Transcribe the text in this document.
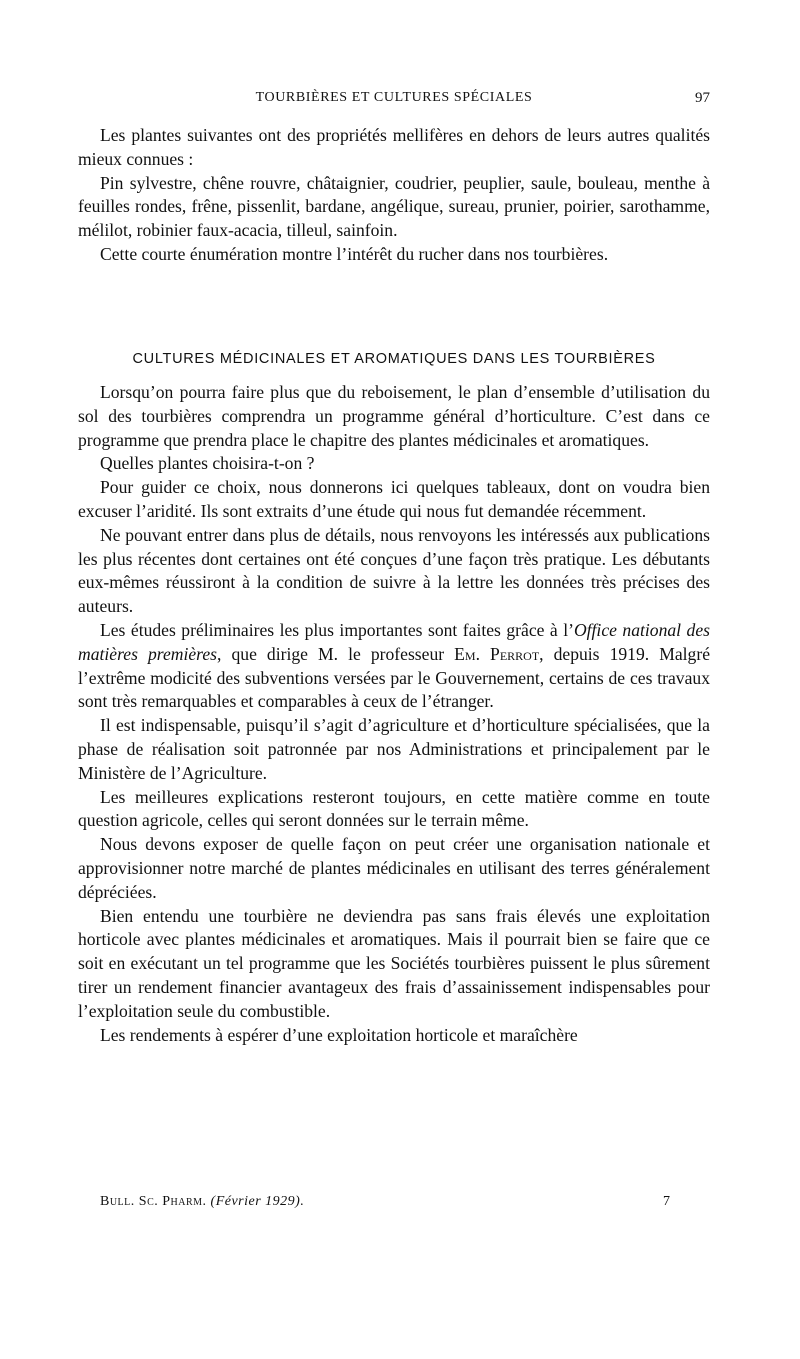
TOURBIÈRES ET CULTURES SPÉCIALES	97

Les plantes suivantes ont des propriétés mellifères en dehors de leurs autres qualités mieux connues :

Pin sylvestre, chêne rouvre, châtaignier, coudrier, peuplier, saule, bouleau, menthe à feuilles rondes, frêne, pissenlit, bardane, angélique, sureau, prunier, poirier, sarothamme, mélilot, robinier faux-acacia, tilleul, sainfoin.

Cette courte énumération montre l’intérêt du rucher dans nos tourbières.

CULTURES MÉDICINALES ET AROMATIQUES DANS LES TOURBIÈRES

Lorsqu’on pourra faire plus que du reboisement, le plan d’ensemble d’utilisation du sol des tourbières comprendra un programme général d’horticulture. C’est dans ce programme que prendra place le chapitre des plantes médicinales et aromatiques.

Quelles plantes choisira-t-on ?

Pour guider ce choix, nous donnerons ici quelques tableaux, dont on voudra bien excuser l’aridité. Ils sont extraits d’une étude qui nous fut demandée récemment.

Ne pouvant entrer dans plus de détails, nous renvoyons les intéressés aux publications les plus récentes dont certaines ont été conçues d’une façon très pratique. Les débutants eux-mêmes réussiront à la condition de suivre à la lettre les données très précises des auteurs.

Les études préliminaires les plus importantes sont faites grâce à l’Office national des matières premières, que dirige M. le professeur Em. Perrot, depuis 1919. Malgré l’extrême modicité des subventions versées par le Gouvernement, certains de ces travaux sont très remarquables et comparables à ceux de l’étranger.

Il est indispensable, puisqu’il s’agit d’agriculture et d’horticulture spécialisées, que la phase de réalisation soit patronnée par nos Administrations et principalement par le Ministère de l’Agriculture.

Les meilleures explications resteront toujours, en cette matière comme en toute question agricole, celles qui seront données sur le terrain même.

Nous devons exposer de quelle façon on peut créer une organisation nationale et approvisionner notre marché de plantes médicinales en utilisant des terres généralement dépréciées.

Bien entendu une tourbière ne deviendra pas sans frais élevés une exploitation horticole avec plantes médicinales et aromatiques. Mais il pourrait bien se faire que ce soit en exécutant un tel programme que les Sociétés tourbières puissent le plus sûrement tirer un rendement financier avantageux des frais d’assainissement indispensables pour l’exploitation seule du combustible.

Les rendements à espérer d’une exploitation horticole et maraîchère

Bull. Sc. Pharm. (Février 1929).	7
